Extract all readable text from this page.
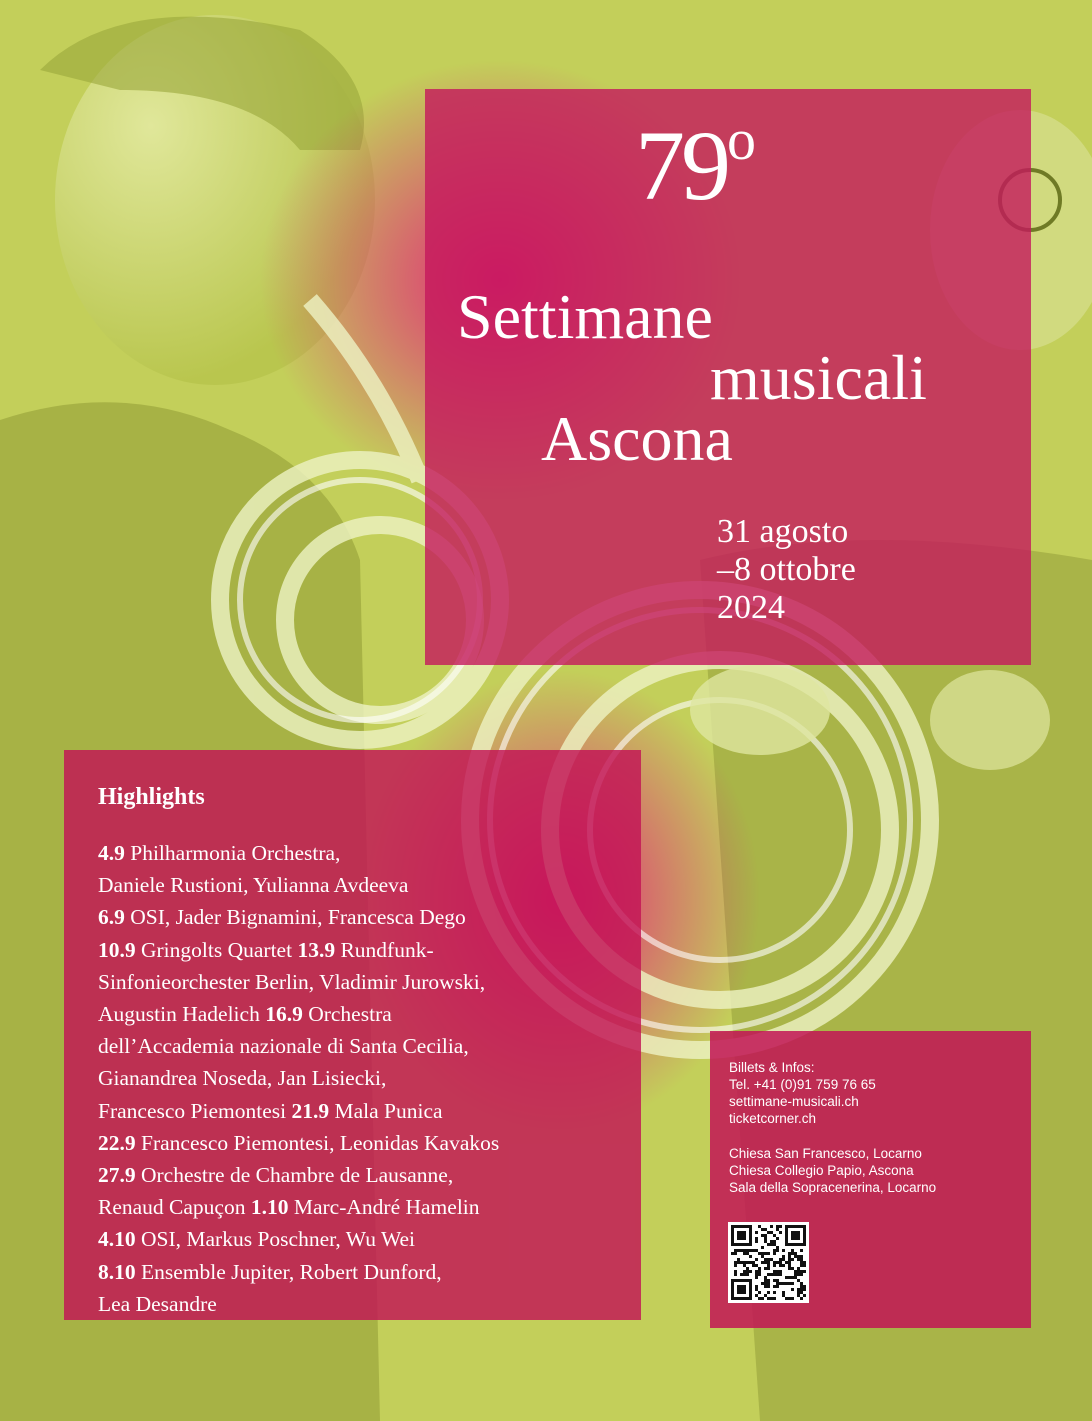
79$^o$
Settimane
musicali
Ascona
31 agosto
–8 ottobre
2024
Highlights
4.9 Philharmonia Orchestra,
Daniele Rustioni, Yulianna Avdeeva
6.9 OSI, Jader Bignamini, Francesca Dego
10.9 Gringolts Quartet 13.9 Rundfunk-
Sinfonieorchester Berlin, Vladimir Jurowski,
Augustin Hadelich 16.9 Orchestra
dell’Accademia nazionale di Santa Cecilia,
Gianandrea Noseda, Jan Lisiecki,
Francesco Piemontesi 21.9 Mala Punica
22.9 Francesco Piemontesi, Leonidas Kavakos
27.9 Orchestre de Chambre de Lausanne,
Renaud Capuçon 1.10 Marc-André Hamelin
4.10 OSI, Markus Poschner, Wu Wei
8.10 Ensemble Jupiter, Robert Dunford,
Lea Desandre
Billets & Infos:
Tel. +41 (0)91 759 76 65
settimane-musicali.ch
ticketcorner.ch
Chiesa San Francesco, Locarno
Chiesa Collegio Papio, Ascona
Sala della Sopracenerina, Locarno
